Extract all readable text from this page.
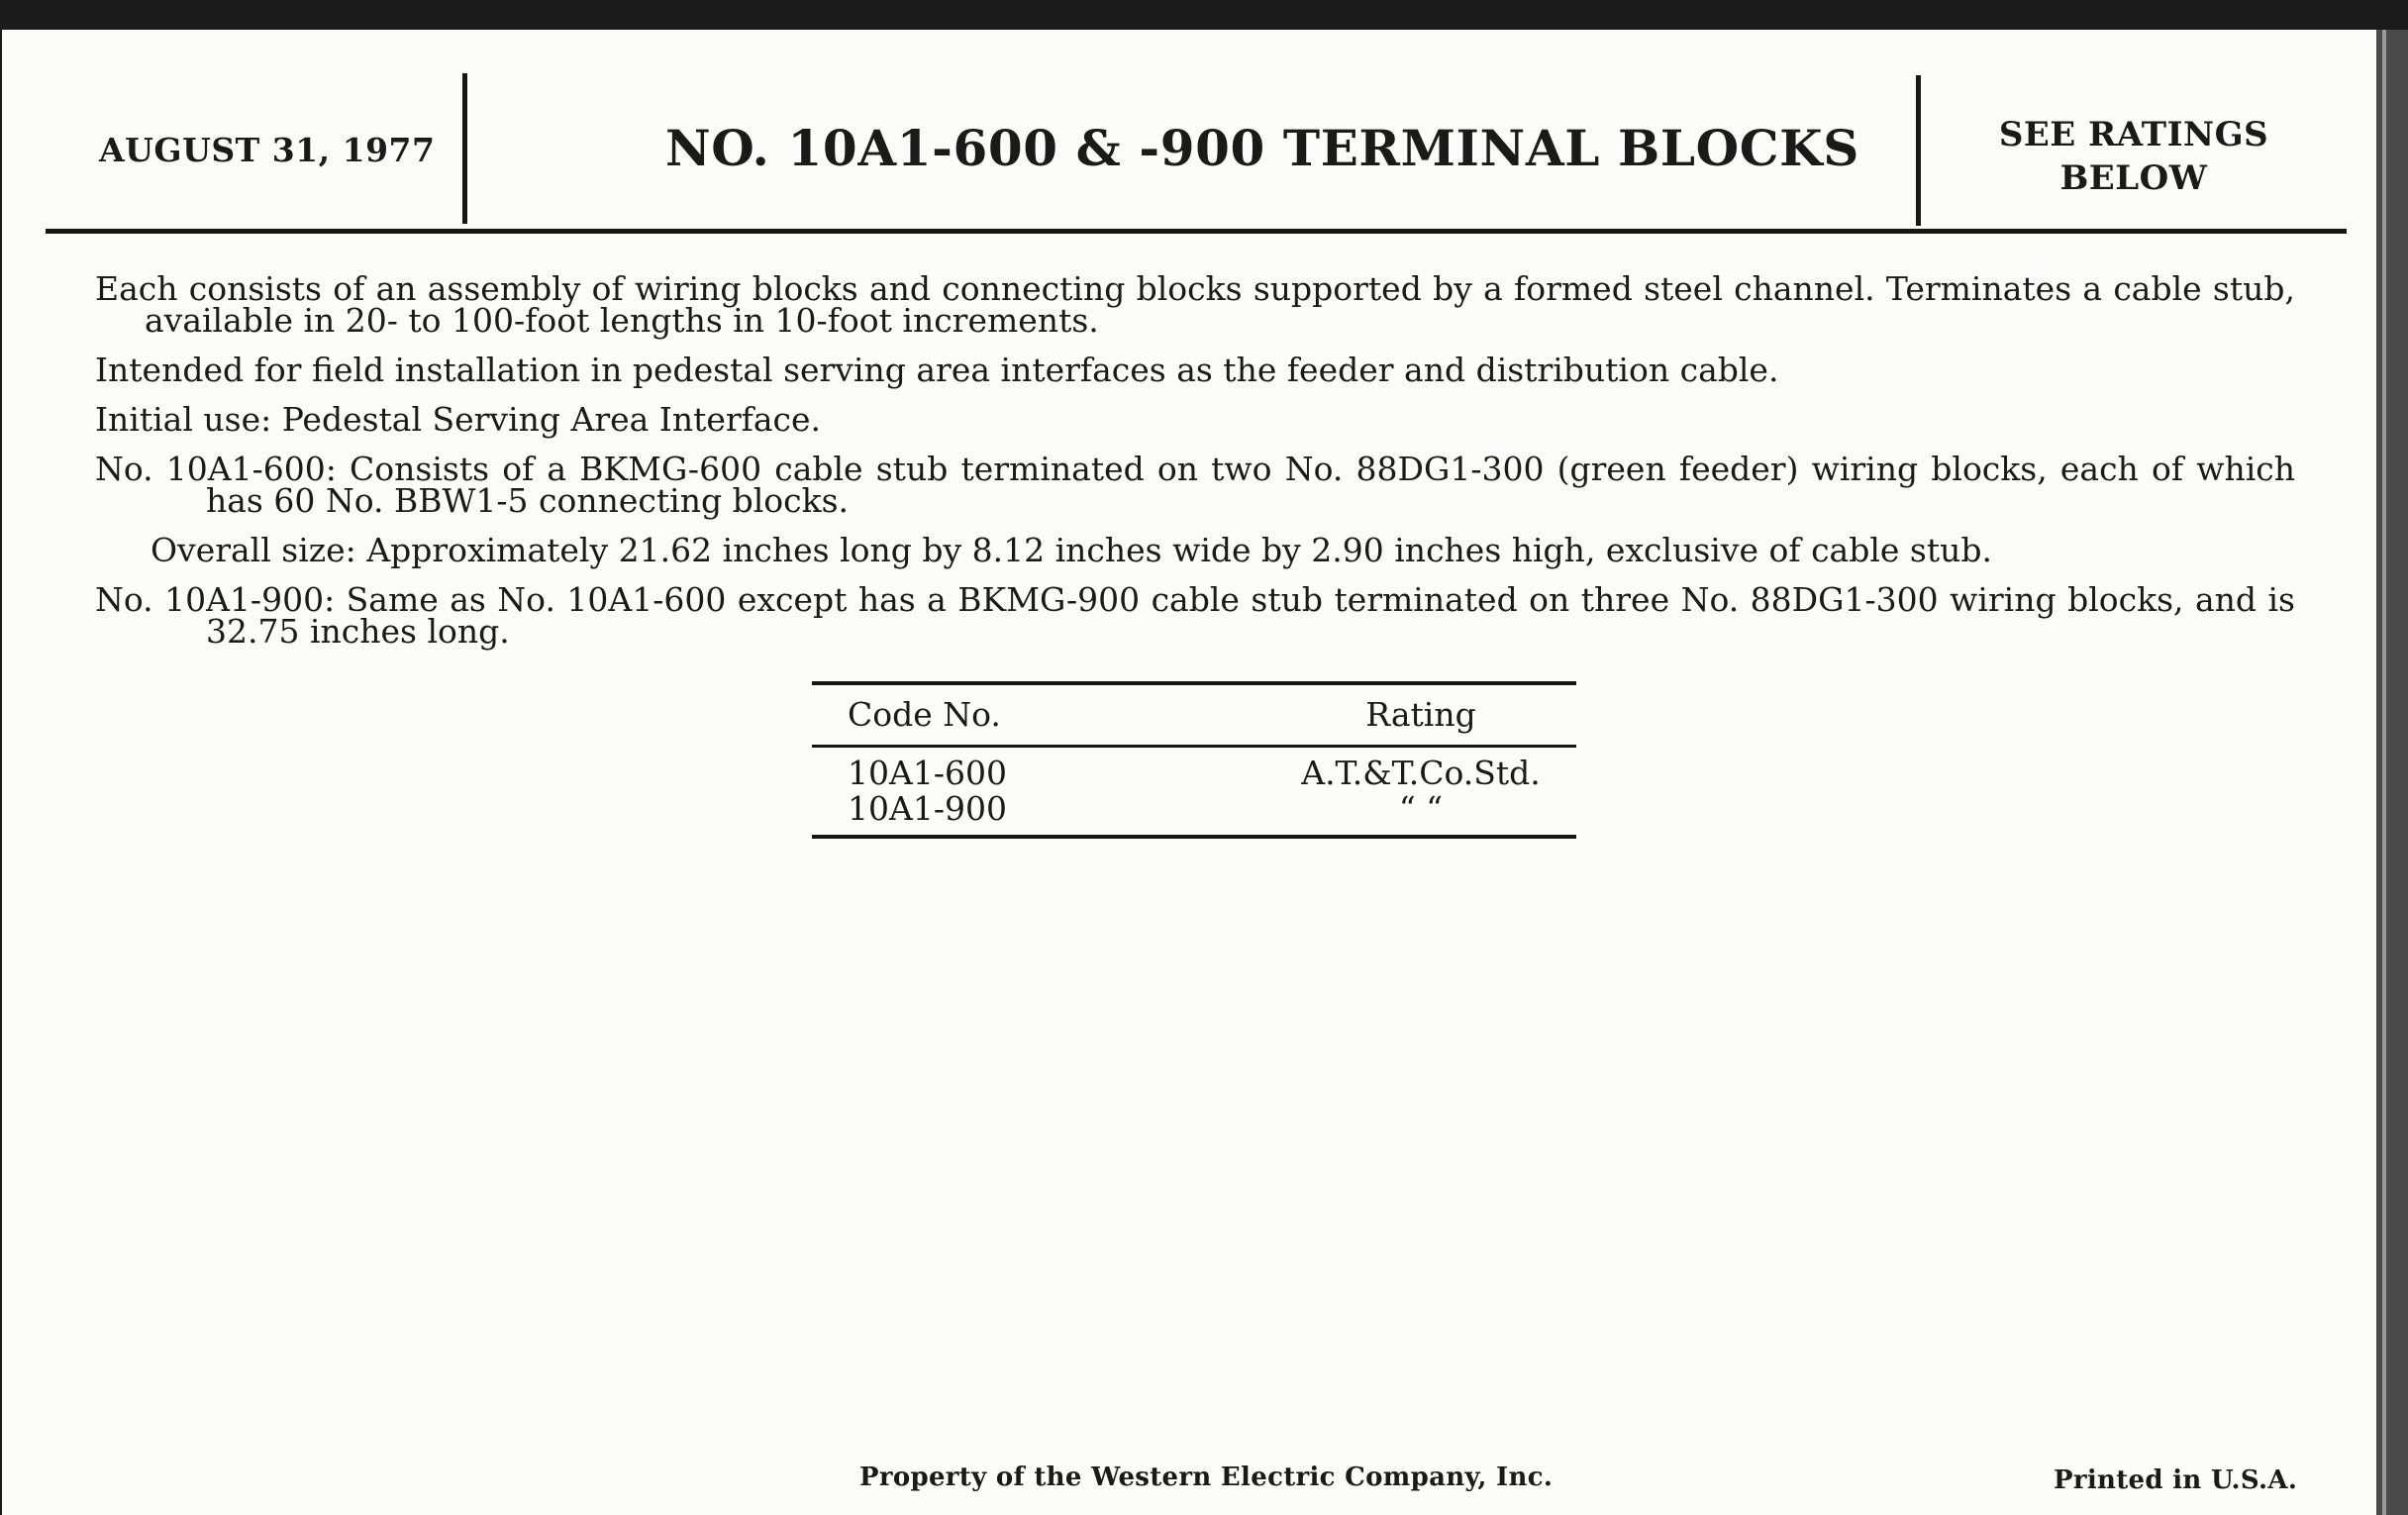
AUGUST 31, 1977	NO. 10A1-600 & -900 TERMINAL BLOCKS	SEE RATINGS
BELOW

Each consists of an assembly of wiring blocks and connecting blocks supported by a formed steel channel. Terminates a cable stub, available in 20- to 100-foot lengths in 10-foot increments.

Intended for field installation in pedestal serving area interfaces as the feeder and distribution cable.

Initial use: Pedestal Serving Area Interface.

No. 10A1-600: Consists of a BKMG-600 cable stub terminated on two No. 88DG1-300 (green feeder) wiring blocks, each of which has 60 No. BBW1-5 connecting blocks.

Overall size: Approximately 21.62 inches long by 8.12 inches wide by 2.90 inches high, exclusive of cable stub.

No. 10A1-900: Same as No. 10A1-600 except has a BKMG-900 cable stub terminated on three No. 88DG1-300 wiring blocks, and is 32.75 inches long.

Code No.	Rating
10A1-600	A.T.&T.Co.Std.
10A1-900	“ “
Property of the Western Electric Company, Inc.	Printed in U.S.A.
